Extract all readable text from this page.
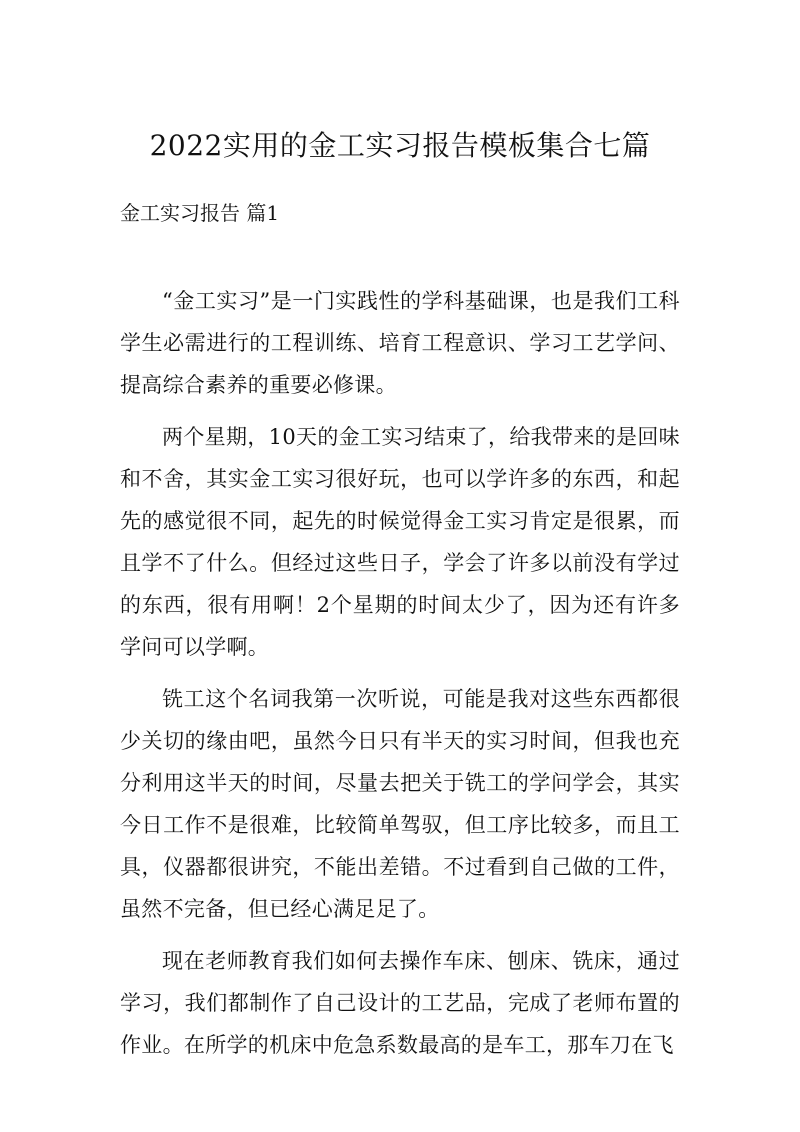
2022实用的金工实习报告模板集合七篇
金工实习报告 篇1

“金工实习”是一门实践性的学科基础课，也是我们工科学生必需进行的工程训练、培育工程意识、学习工艺学问、提高综合素养的重要必修课。

两个星期，10天的金工实习结束了，给我带来的是回味和不舍，其实金工实习很好玩，也可以学许多的东西，和起先的感觉很不同，起先的时候觉得金工实习肯定是很累，而且学不了什么。但经过这些日子，学会了许多以前没有学过的东西，很有用啊！2个星期的时间太少了，因为还有许多学问可以学啊。

铣工这个名词我第一次听说，可能是我对这些东西都很少关切的缘由吧，虽然今日只有半天的实习时间，但我也充分利用这半天的时间，尽量去把关于铣工的学问学会，其实今日工作不是很难，比较简单驾驭，但工序比较多，而且工具，仪器都很讲究，不能出差错。不过看到自己做的工件，虽然不完备，但已经心满足足了。

现在老师教育我们如何去操作车床、刨床、铣床，通过学习，我们都制作了自己设计的工艺品，完成了老师布置的作业。在所学的机床中危急系数最高的是车工，那车刀在飞
